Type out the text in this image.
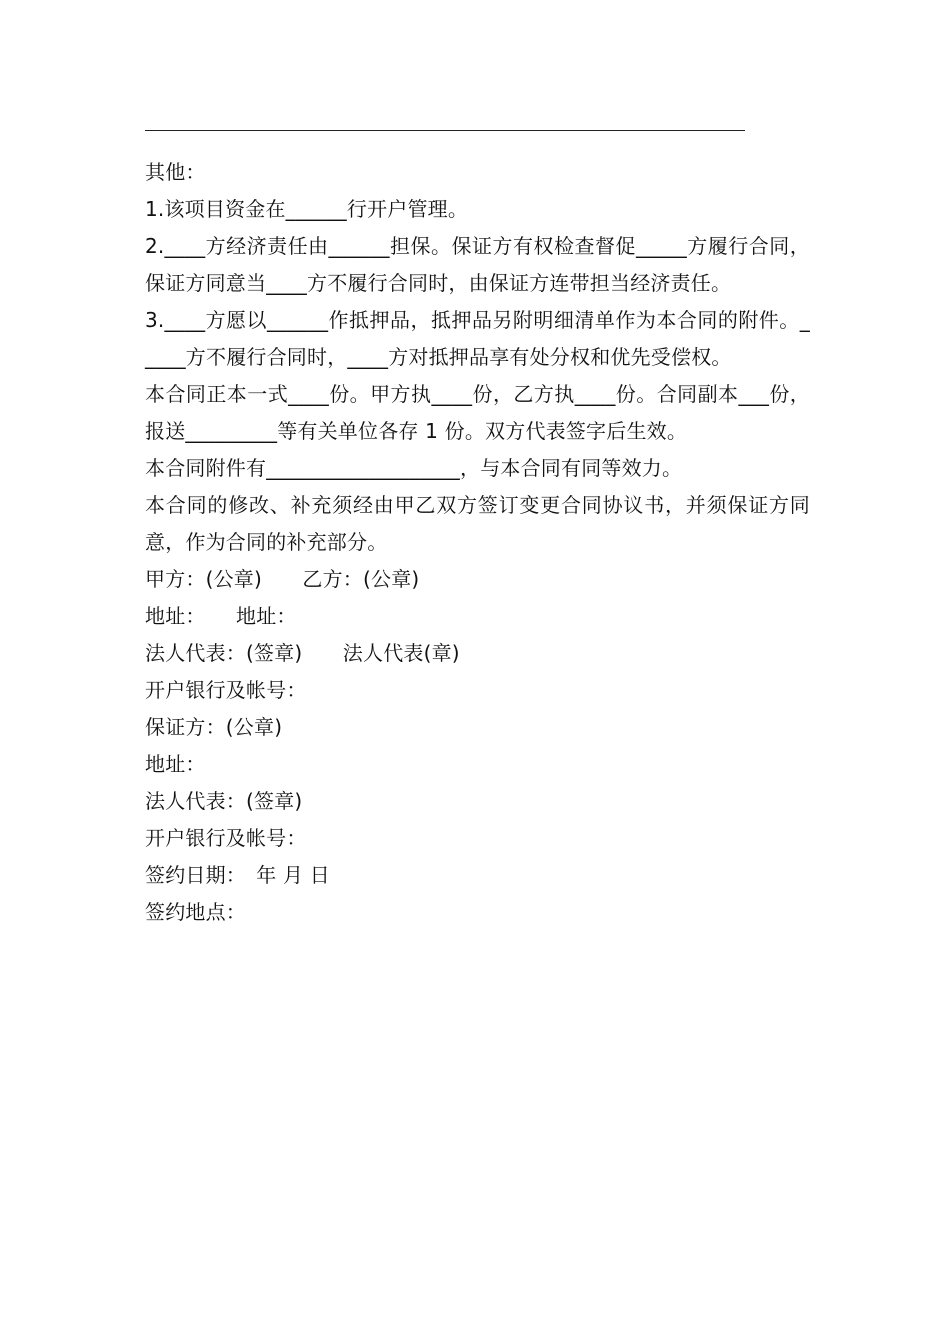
其他：

1.该项目资金在______行开户管理。

2.____方经济责任由______担保。保证方有权检查督促_____方履行合同，保证方同意当____方不履行合同时，由保证方连带担当经济责任。

3.____方愿以______作抵押品，抵押品另附明细清单作为本合同的附件。_____方不履行合同时，____方对抵押品享有处分权和优先受偿权。

本合同正本一式____份。甲方执____份，乙方执____份。合同副本___份，报送_________等有关单位各存 1 份。双方代表签字后生效。

本合同附件有___________________，与本合同有同等效力。

本合同的修改、补充须经由甲乙双方签订变更合同协议书，并须保证方同意，作为合同的补充部分。

甲方：(公章)　　乙方：(公章)

地址：　　地址：

法人代表：(签章)　　法人代表(章)

开户银行及帐号：

保证方：(公章)

地址：

法人代表：(签章)

开户银行及帐号：

签约日期：　年 月 日

签约地点：
